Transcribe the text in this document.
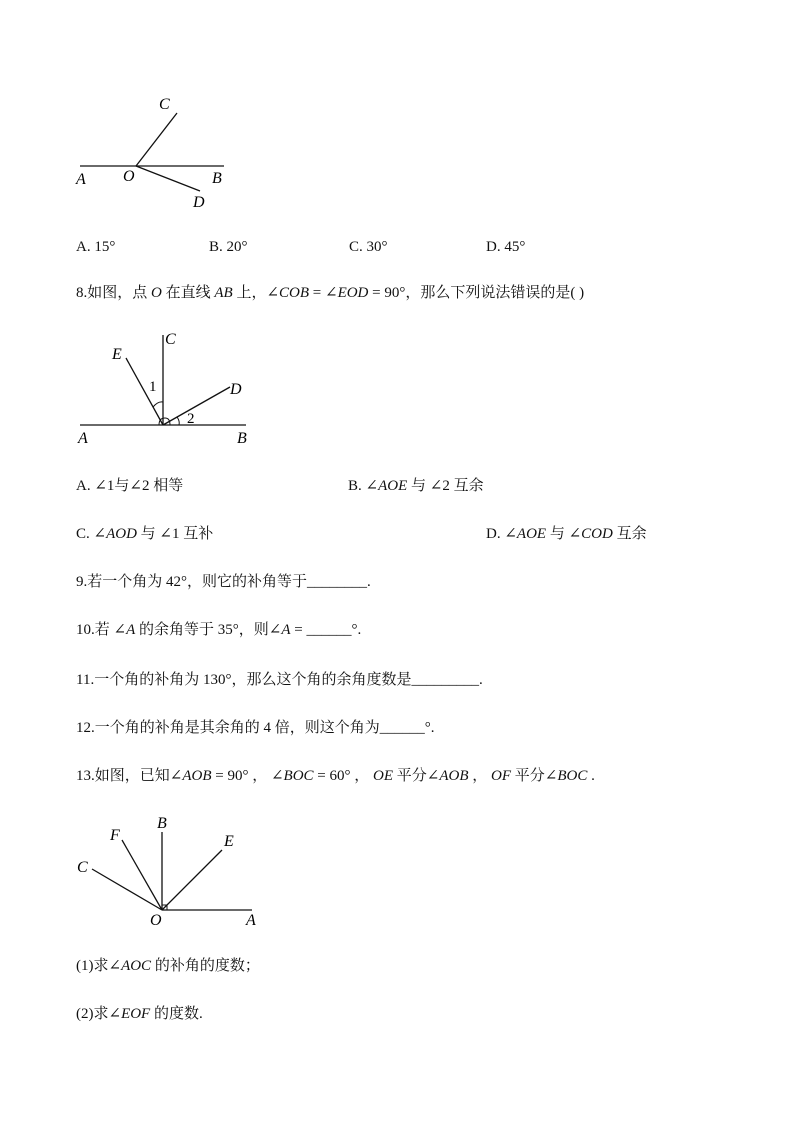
C
A O	B
D
A. 15°	B. 20°	C. 30°	D. 45°
8.如图，点 O 在直线 AB 上，∠COB = ∠EOD = 90°，那么下列说法错误的是( )
C
E
D
1
2
A	B
A. ∠1与∠2 相等	B. ∠AOE 与 ∠2 互余
C. ∠AOD 与 ∠1 互补	D. ∠AOE 与 ∠COD 互余
9.若一个角为 42°，则它的补角等于________.
10.若 ∠A 的余角等于 35°，则∠A = ______°.
11.一个角的补角为 130°，那么这个角的余角度数是_________.
12.一个角的补角是其余角的 4 倍，则这个角为______°.
13.如图，已知∠AOB = 90° ， ∠BOC = 60° ， OE 平分∠AOB ， OF 平分∠BOC .
B
F	E
C
O	A
(1)求∠AOC 的补角的度数；
(2)求∠EOF 的度数.
